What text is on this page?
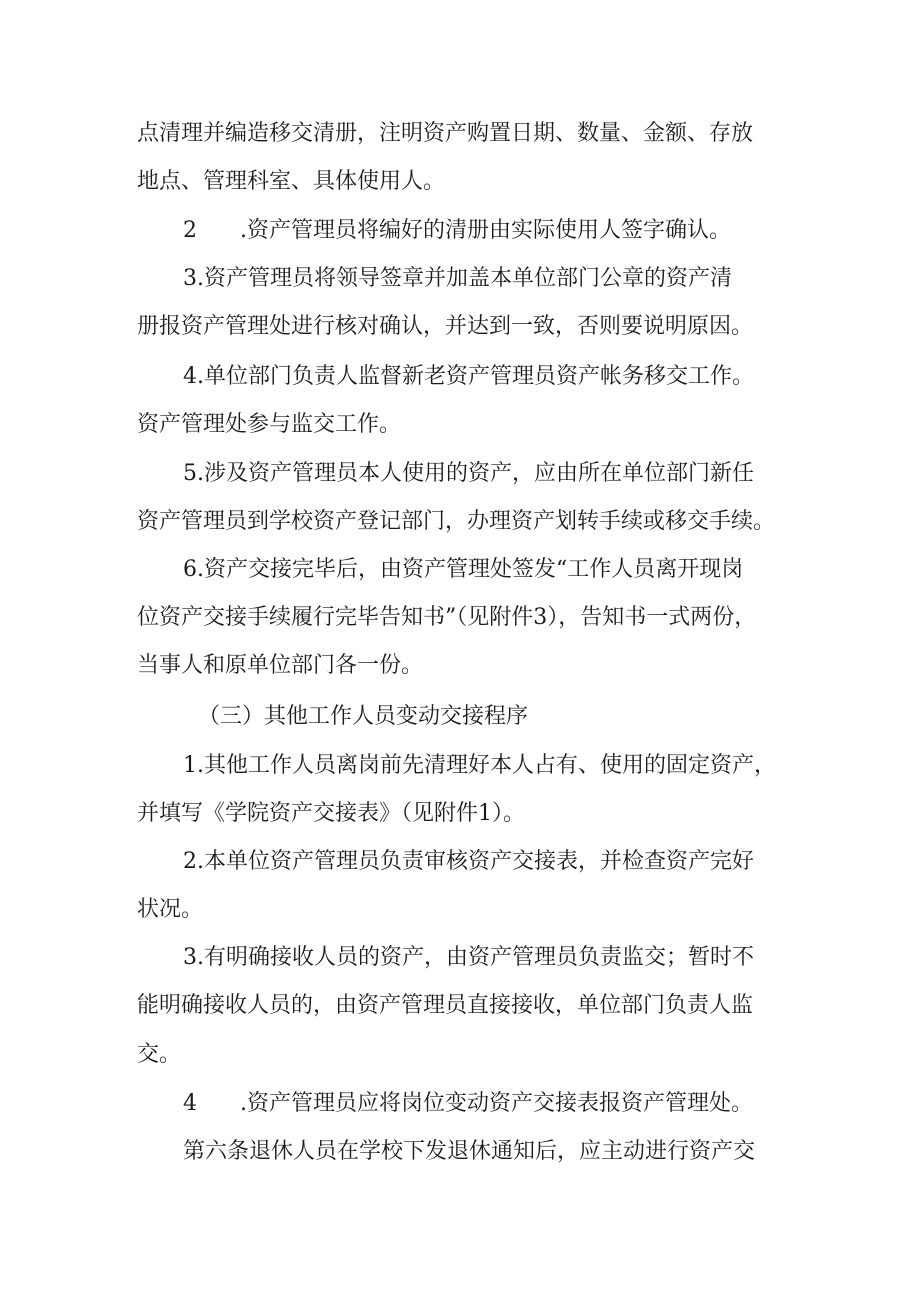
点清理并编造移交清册，注明资产购置日期、数量、金额、存放
地点、管理科室、具体使用人。
2 .资产管理员将编好的清册由实际使用人签字确认。
3.资产管理员将领导签章并加盖本单位部门公章的资产清
册报资产管理处进行核对确认，并达到一致，否则要说明原因。
4.单位部门负责人监督新老资产管理员资产帐务移交工作。
资产管理处参与监交工作。
5.涉及资产管理员本人使用的资产，应由所在单位部门新任
资产管理员到学校资产登记部门，办理资产划转手续或移交手续。
6.资产交接完毕后，由资产管理处签发“工作人员离开现岗
位资产交接手续履行完毕告知书”（见附件3），告知书一式两份，
当事人和原单位部门各一份。
（三）其他工作人员变动交接程序
1.其他工作人员离岗前先清理好本人占有、使用的固定资产，
并填写《学院资产交接表》（见附件1）。
2.本单位资产管理员负责审核资产交接表，并检查资产完好
状况。
3.有明确接收人员的资产，由资产管理员负责监交；暂时不
能明确接收人员的，由资产管理员直接接收，单位部门负责人监
交。
4 .资产管理员应将岗位变动资产交接表报资产管理处。
第六条退休人员在学校下发退休通知后，应主动进行资产交
